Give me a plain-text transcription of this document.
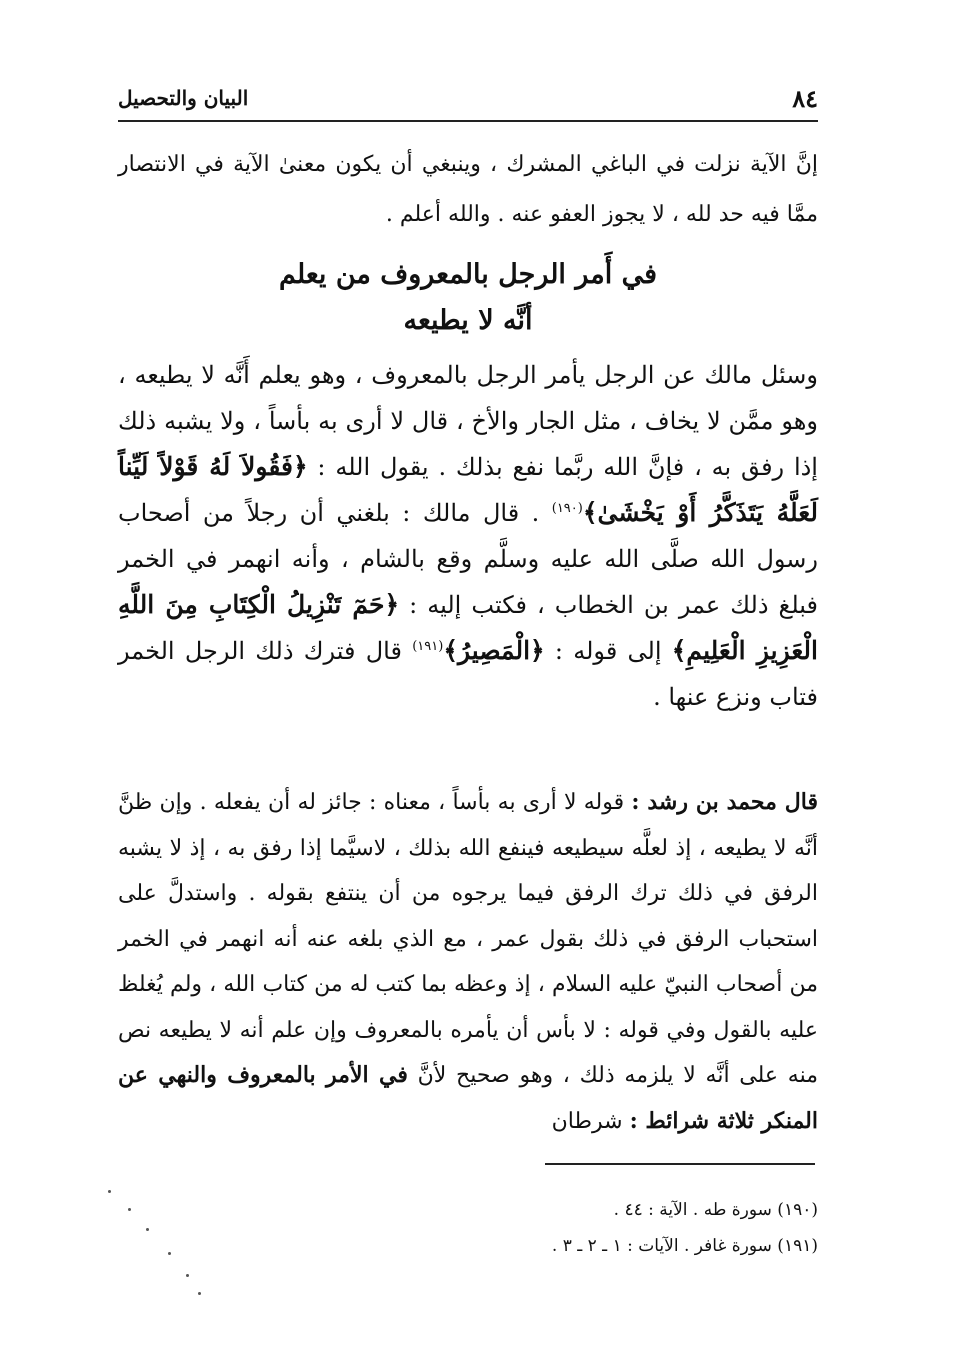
٨٤
البيان والتحصيل

إنَّ الآية نزلت في الباغي المشرك ، وينبغي أن يكون معنىٰ الآية في الانتصار ممَّا فيه حد لله ، لا يجوز العفو عنه . والله أعلم .

في أَمر الرجل بالمعروف من يعلم
أنَّه لا يطيعه

وسئل مالك عن الرجل يأمر الرجل بالمعروف ، وهو يعلم أَنَّه لا يطيعه ، وهو ممَّن لا يخاف ، مثل الجار والأخ ، قال لا أرى به بأساً ، ولا يشبه ذلك إذا رفق به ، فإنَّ الله ربَّما نفع بذلك . يقول الله : ﴿فَقُولاَ لَهُ قَوْلاً لَيِّناً لَعَلَّهُ يَتَذَكَّرُ أَوْ يَخْشَىٰ﴾$^{(١٩٠)}$ . قال مالك : بلغني أن رجلاً من أصحاب رسول الله صلَّى الله عليه وسلَّم وقع بالشام ، وأنه انهمر في الخمر فبلغ ذلك عمر بن الخطاب ، فكتب إليه : ﴿حَمٓ تَنْزِيلُ الْكِتَابِ مِنَ اللَّهِ الْعَزِيزِ الْعَلِيمِ﴾ إلى قوله : ﴿الْمَصِيرُ﴾$^{(١٩١)}$ قال فترك ذلك الرجل الخمر فتاب ونزع عنها .

قال محمد بن رشد : قوله لا أرى به بأساً ، معناه : جائز له أن يفعله . وإن ظنَّ أنَّه لا يطيعه ، إذ لعلَّه سيطيعه فينفع الله بذلك ، لاسيَّما إذا رفق به ، إذ لا يشبه الرفق في ذلك ترك الرفق فيما يرجوه من أن ينتفع بقوله . واستدلَّ على استحباب الرفق في ذلك بقول عمر ، مع الذي بلغه عنه أنه انهمر في الخمر من أصحاب النبيّ عليه السلام ، إذ وعظه بما كتب له من كتاب الله ، ولم يُغلظ عليه بالقول وفي قوله : لا بأس أن يأمره بالمعروف وإن علم أنه لا يطيعه نص منه على أنَّه لا يلزمه ذلك ، وهو صحيح لأنَّ في الأمر بالمعروف والنهي عن المنكر ثلاثة شرائط : شرطان

(١٩٠) سورة طه . الآية : ٤٤ .
(١٩١) سورة غافر . الآيات : ١ ـ ٢ ـ ٣ .
